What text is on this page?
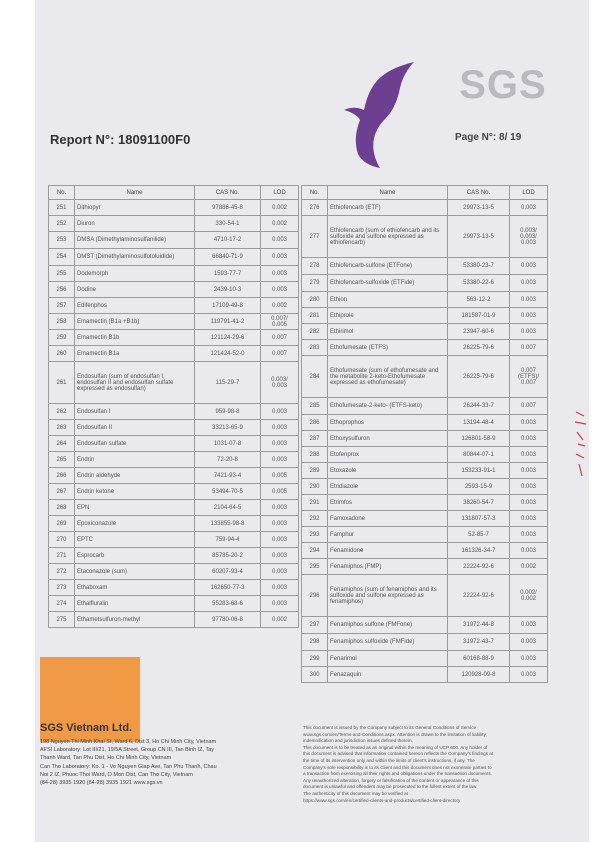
SGS
Report N°: 18091100F0	Page N°: 8/ 19
No.	Name	CAS No.	LOD
251	Dithiopyr	97886-45-8	0.002
252	Diuron	330-54-1	0.002
253	DMSA (Dimethylaminosulfanilide)	4710-17-2	0.003
254	DMST (Dimethylaminosulfotoluidide)	66840-71-9	0.003
255	Dodemorph	1593-77-7	0.003
256	Dodine	2439-10-3	0.003
257	Edifenphos	17109-49-8	0.002
258	Emamectin (B1a +B1b)	119791-41-2	0.007/ 0.005
259	Emamectin B1b	121124-29-6	0.007
260	Emamectin B1a	121424-52-0	0.007
261	Endosulfan (sum of endosulfan I, endosulfan II and endosulfan sulfate expressed as endosulfan)	115-29-7	0.003/ 0.003
262	Endosulfan I	959-98-8	0.003
263	Endosulfan II	33213-65-9	0.003
264	Endosulfan sulfate	1031-07-8	0.003
265	Endrin	72-20-8	0.003
266	Endrin aldehyde	7421-93-4	0.005
267	Endrin ketone	53494-70-5	0.005
268	EPN	2104-64-5	0.003
269	Epoxiconazole	133855-98-8	0.003
270	EPTC	759-94-4	0.003
271	Esprocarb	85785-20-2	0.003
272	Etaconazole (sum)	60207-93-4	0.003
273	Ethaboxam	162650-77-3	0.003
274	Ethalfluralin	55283-68-6	0.003
275	Ethametsulfuron-methyl	97780-06-8	0.002
No.	Name	CAS No.	LOD
276	Ethiofencarb (ETF)	29973-13-5	0.003
277	Ethiofencarb (sum of ethiofencarb and its sulfoxide and sulfone expressed as ethiofencarb)	29973-13-5	0.003/ 0.003/ 0.003
278	Ethiofencarb-sulfone (ETFone)	53380-23-7	0.003
279	Ethiofencarb-sulfoxide (ETFide)	53380-22-6	0.003
280	Ethion	563-12-2	0.003
281	Ethiprole	181587-01-9	0.003
282	Ethirimol	23947-60-6	0.003
283	Ethofumesate (ETFS)	26225-79-6	0.007
284	Ethofumesate (sum of ethofumesate and the metabolite 2-keto-Ethofumesate expressed as ethofumesate)	26225-79-6	0.007 (ETFS)/ 0.007
285	Ethofumesate-2-keto- (ETFS-keto)	26244-33-7	0.007
286	Ethoprophos	13194-48-4	0.003
287	Ethoxysulfuron	126801-58-9	0.003
288	Etofenprox	80844-07-1	0.003
289	Etoxazole	153233-91-1	0.003
290	Etridiazole	2593-15-9	0.003
291	Etrimfos	38260-54-7	0.003
292	Famoxadone	131807-57-3	0.003
293	Famphur	52-85-7	0.003
294	Fenamidone	161326-34-7	0.003
295	Fenamiphos (FMP)	22224-92-6	0.002
296	Fenamiphos (sum of fenamiphos and its sulfoxide and sulfone expressed as fenamiphos)	22224-92-6	0.002/ 0.002
297	Fenamiphos sulfone (FMFone)	31972-44-8	0.003
298	Fenamiphos sulfoxide (FMFide)	31972-43-7	0.003
299	Fenarimol	60168-88-9	0.003
300	Fenazaquin	120928-09-8	0.003
SGS Vietnam Ltd.
198 Nguyen Thi Minh Khai St, Ward 6, Dist 3, Ho Chi Minh City, Vietnam
AFSI Laboratory: Lot III/21, 19/5A Street, Group CN III, Tan Binh IZ, Tay
Thanh Ward, Tan Phu Dist, Ho Chi Minh City, Vietnam
Can Tho Laboratory: Ko. 1 - Vo Nguyen Giap Ave, Tan Phu Thanh, Chau
Noi 2 IZ, Phuoc Thoi Ward, O Mon Dist, Can Tho City, Vietnam
(84-28) 3935 1920 (84-28) 3935 1921 www.sgs.vn
This document is issued by the Company subject to its General Conditions of Service
www.sgs.com/en/Terms-and-Conditions.aspx. Attention is drawn to the limitation of liability,
indemnification and jurisdiction issues defined therein.
This document is to be treated as an original within the meaning of UCP 600. Any holder of
this document is advised that information contained hereon reflects the Company's findings at
the time of its intervention only and within the limits of client's instructions, if any. The
Company's sole responsibility is to its Client and this document does not exonerate parties to
a transaction from exercising all their rights and obligations under the transaction documents.
Any unauthorized alteration, forgery or falsification of the content or appearance of this
document is unlawful and offenders may be prosecuted to the fullest extent of the law.
The authenticity of this document may be verified at
https://www.sgs.com/en/certified-clients-and-products/certified-client-directory
